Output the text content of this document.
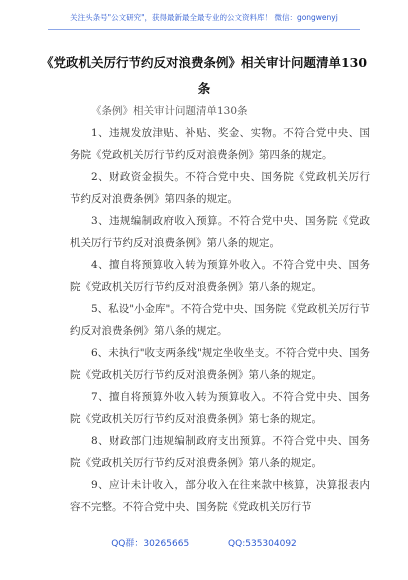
关注头条号"公文研究"，获得最新最全最专业的公文资料库！ 微信：gongwenyj
《党政机关厉行节约反对浪费条例》相关审计问题清单130条

《条例》相关审计问题清单130条

1、违规发放津贴、补贴、奖金、实物。不符合党中央、国务院《党政机关厉行节约反对浪费条例》第四条的规定。

2、财政资金损失。不符合党中央、国务院《党政机关厉行节约反对浪费条例》第四条的规定。

3、违规编制政府收入预算。不符合党中央、国务院《党政机关厉行节约反对浪费条例》第八条的规定。

4、擅自将预算收入转为预算外收入。不符合党中央、国务院《党政机关厉行节约反对浪费条例》第八条的规定。

5、私设"小金库"。不符合党中央、国务院《党政机关厉行节约反对浪费条例》第八条的规定。

6、未执行"收支两条线"规定坐收坐支。不符合党中央、国务院《党政机关厉行节约反对浪费条例》第八条的规定。

7、擅自将预算外收入转为预算收入。不符合党中央、国务院《党政机关厉行节约反对浪费条例》第七条的规定。

8、财政部门违规编制政府支出预算。不符合党中央、国务院《党政机关厉行节约反对浪费条例》第八条的规定。

9、应计未计收入，部分收入在往来款中核算，决算报表内容不完整。不符合党中央、国务院《党政机关厉行节

QQ群：30265665	QQ:535304092
